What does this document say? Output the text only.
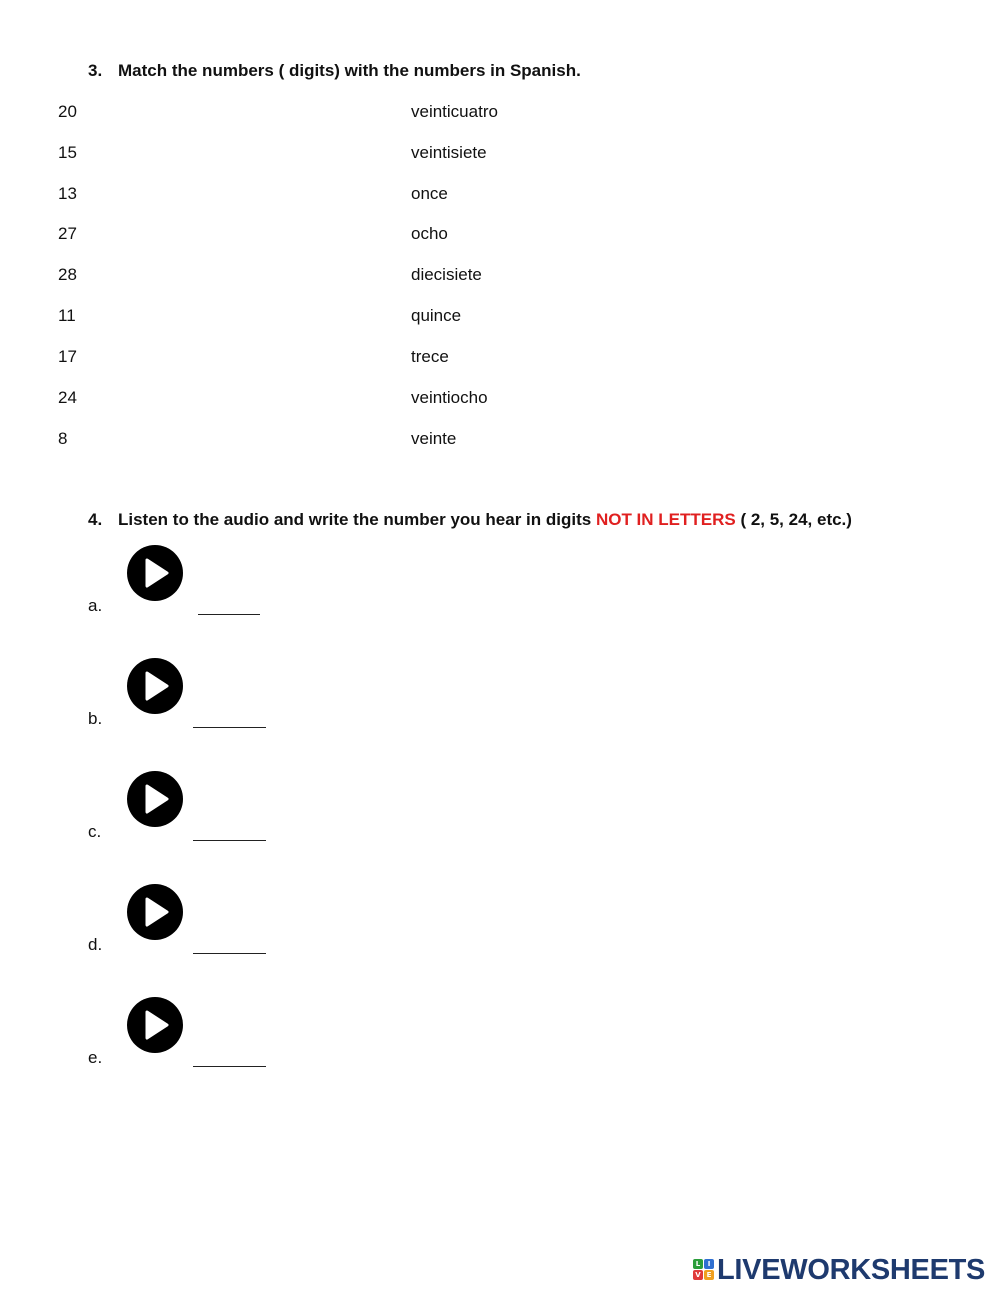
3. Match the numbers ( digits) with the numbers in Spanish.
20
15
13
27
28
11
17
24
8
veinticuatro
veintisiete
once
ocho
diecisiete
quince
trece
veintiocho
veinte
4. Listen to the audio and write the number you hear in digits NOT IN LETTERS ( 2, 5, 24, etc.)
a.
b.
c.
d.
e.
L	I
V E LIVEWORKSHEETS
